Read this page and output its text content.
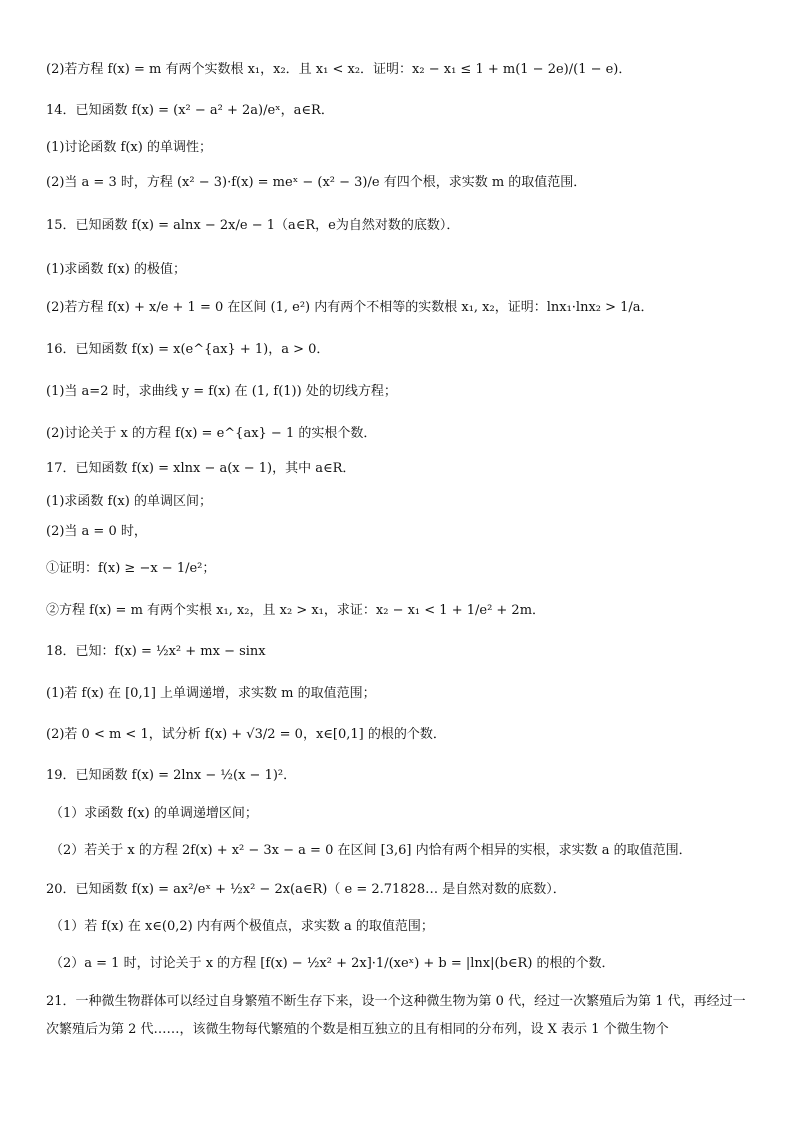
(2)若方程 f(x) = m 有两个实数根 x₁，x₂．且 x₁ < x₂．证明：x₂ − x₁ ≤ 1 + m(1 − 2e)/(1 − e)．
14．已知函数 f(x) = (x² − a² + 2a)/eˣ，a∈R．
(1)讨论函数 f(x) 的单调性；
(2)当 a = 3 时，方程 (x² − 3)·f(x) = meˣ − (x² − 3)/e 有四个根，求实数 m 的取值范围．
15．已知函数 f(x) = alnx − 2x/e − 1（a∈R，e为自然对数的底数）．
(1)求函数 f(x) 的极值；
(2)若方程 f(x) + x/e + 1 = 0 在区间 (1, e²) 内有两个不相等的实数根 x₁, x₂，证明：lnx₁·lnx₂ > 1/a．
16．已知函数 f(x) = x(e^{ax} + 1)，a > 0．
(1)当 a=2 时，求曲线 y = f(x) 在 (1, f(1)) 处的切线方程；
(2)讨论关于 x 的方程 f(x) = e^{ax} − 1 的实根个数．
17．已知函数 f(x) = xlnx − a(x − 1)，其中 a∈R．
(1)求函数 f(x) 的单调区间；
(2)当 a = 0 时，
①证明：f(x) ≥ −x − 1/e²；
②方程 f(x) = m 有两个实根 x₁, x₂，且 x₂ > x₁，求证：x₂ − x₁ < 1 + 1/e² + 2m．
18．已知：f(x) = ½x² + mx − sinx
(1)若 f(x) 在 [0,1] 上单调递增，求实数 m 的取值范围；
(2)若 0 < m < 1，试分析 f(x) + √3/2 = 0，x∈[0,1] 的根的个数．
19．已知函数 f(x) = 2lnx − ½(x − 1)²．
（1）求函数 f(x) 的单调递增区间；
（2）若关于 x 的方程 2f(x) + x² − 3x − a = 0 在区间 [3,6] 内恰有两个相异的实根，求实数 a 的取值范围．
20．已知函数 f(x) = ax²/eˣ + ½x² − 2x(a∈R)（ e = 2.71828… 是自然对数的底数）．
（1）若 f(x) 在 x∈(0,2) 内有两个极值点，求实数 a 的取值范围；
（2）a = 1 时，讨论关于 x 的方程 [f(x) − ½x² + 2x]·1/(xeˣ) + b = |lnx|(b∈R) 的根的个数．
21．一种微生物群体可以经过自身繁殖不断生存下来，设一个这种微生物为第 0 代，经过一次繁殖后为第 1 代，再经过一次繁殖后为第 2 代……，该微生物每代繁殖的个数是相互独立的且有相同的分布列，设 X 表示 1 个微生物个
